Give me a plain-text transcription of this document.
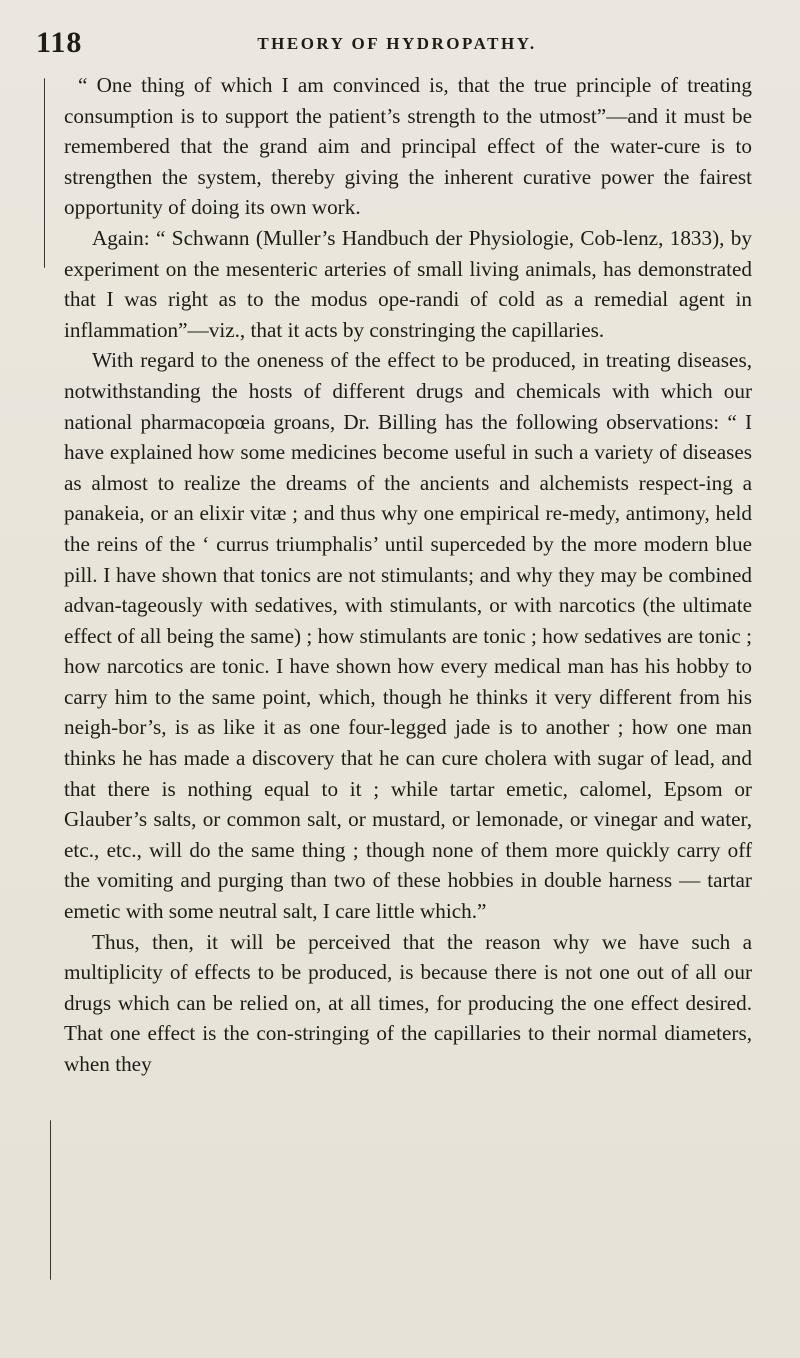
118	THEORY OF HYDROPATHY.

“ One thing of which I am convinced is, that the true principle of treating consumption is to support the patient’s strength to the utmost”—and it must be remembered that the grand aim and principal effect of the water-cure is to strengthen the system, thereby giving the inherent curative power the fairest opportunity of doing its own work.

Again: “ Schwann (Muller’s Handbuch der Physiologie, Cob-lenz, 1833), by experiment on the mesenteric arteries of small living animals, has demonstrated that I was right as to the modus ope-randi of cold as a remedial agent in inflammation”—viz., that it acts by constringing the capillaries.

With regard to the oneness of the effect to be produced, in treating diseases, notwithstanding the hosts of different drugs and chemicals with which our national pharmacopœia groans, Dr. Billing has the following observations: “ I have explained how some medicines become useful in such a variety of diseases as almost to realize the dreams of the ancients and alchemists respect-ing a panakeia, or an elixir vitæ ; and thus why one empirical re-medy, antimony, held the reins of the ‘ currus triumphalis’ until superceded by the more modern blue pill. I have shown that tonics are not stimulants; and why they may be combined advan-tageously with sedatives, with stimulants, or with narcotics (the ultimate effect of all being the same) ; how stimulants are tonic ; how sedatives are tonic ; how narcotics are tonic. I have shown how every medical man has his hobby to carry him to the same point, which, though he thinks it very different from his neigh-bor’s, is as like it as one four-legged jade is to another ; how one man thinks he has made a discovery that he can cure cholera with sugar of lead, and that there is nothing equal to it ; while tartar emetic, calomel, Epsom or Glauber’s salts, or common salt, or mustard, or lemonade, or vinegar and water, etc., etc., will do the same thing ; though none of them more quickly carry off the vomiting and purging than two of these hobbies in double harness — tartar emetic with some neutral salt, I care little which.”

Thus, then, it will be perceived that the reason why we have such a multiplicity of effects to be produced, is because there is not one out of all our drugs which can be relied on, at all times, for producing the one effect desired. That one effect is the con-stringing of the capillaries to their normal diameters, when they
